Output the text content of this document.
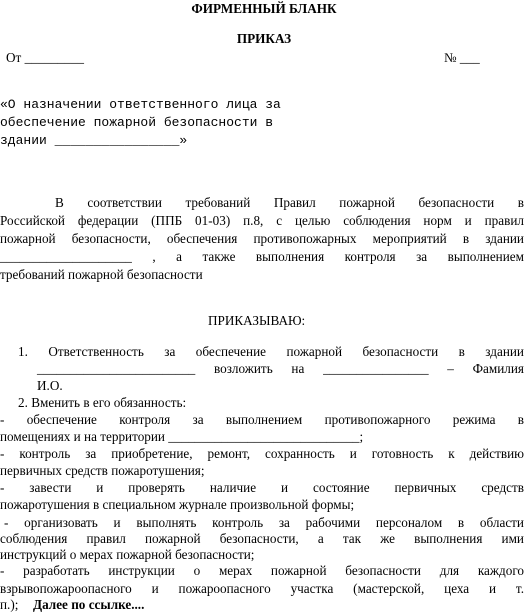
ФИРМЕННЫЙ БЛАНК
ПРИКАЗ
От _________	№ ___
«О назначении ответственного лица за
обеспечение пожарной безопасности в
здании ________________»
В соответствии требований Правил пожарной безопасности в
Российской федерации (ППБ 01-03) п.8, с целью соблюдения норм и правил
пожарной безопасности, обеспечения противопожарных мероприятий в здании
____________________ , а также выполнения контроля за выполнением
требований пожарной безопасности
ПРИКАЗЫВАЮ:
1. Ответственность за обеспечение пожарной безопасности в здании
________________________ возложить на ________________ – Фамилия
И.О.
2. Вменить в его обязанность:
- обеспечение контроля за выполнением противопожарного режима в
помещениях и на территории _____________________________;
- контроль за приобретение, ремонт, сохранность и готовность к действию
первичных средств пожаротушения;
- завести и проверять наличие и состояние первичных средств
пожаротушения в специальном журнале произвольной формы;
- организовать и выполнять контроль за рабочими персоналом в области
соблюдения правил пожарной безопасности, а так же выполнения ими
инструкций о мерах пожарной безопасности;
- разработать инструкции о мерах пожарной безопасности для каждого
взрывопожароопасного и пожароопасного участка (мастерской, цеха и т.
п.); Далее по ссылке....
